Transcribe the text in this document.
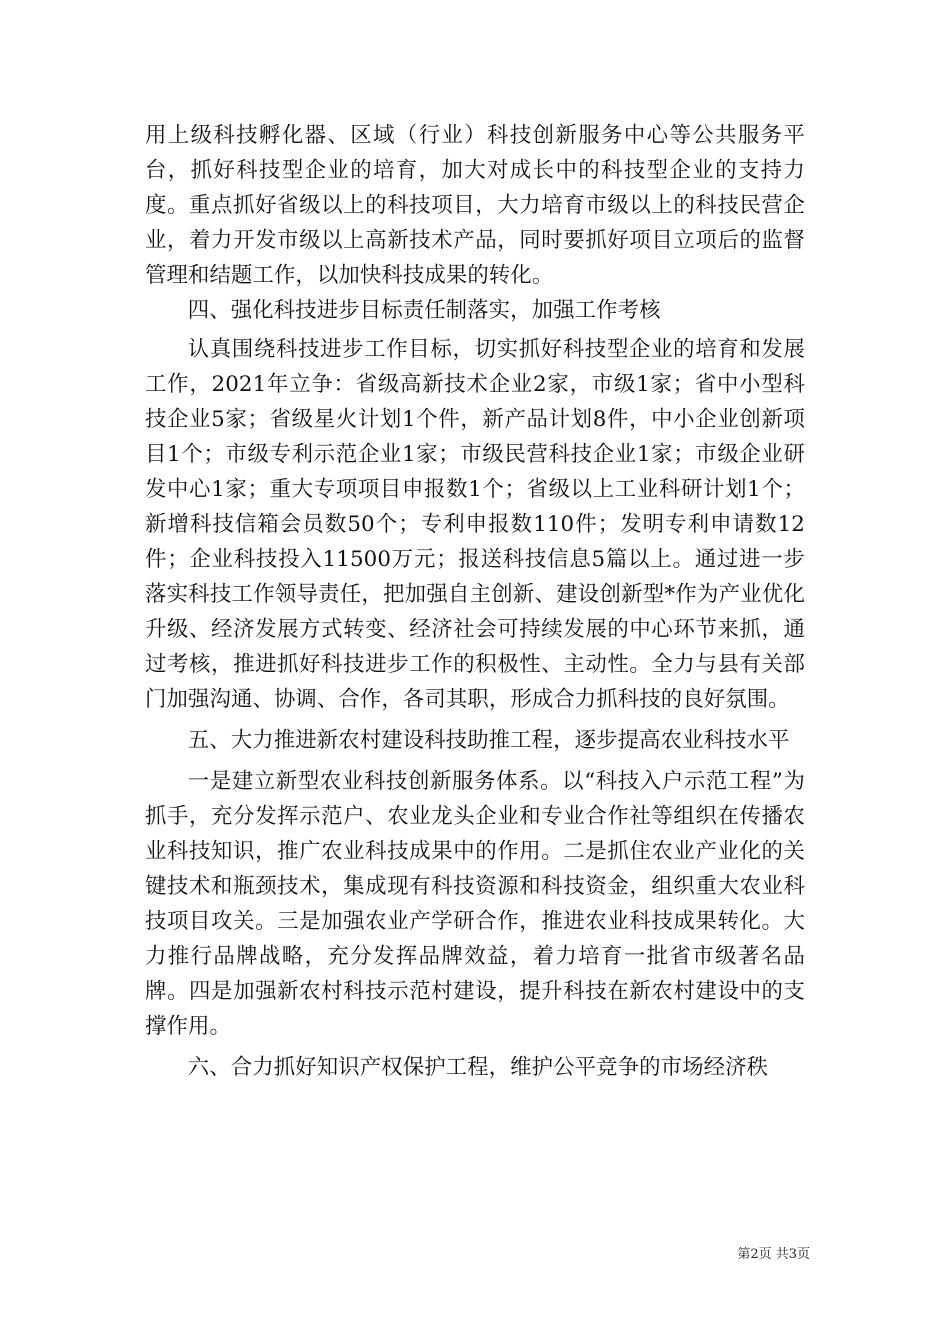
用上级科技孵化器、区域（行业）科技创新服务中心等公共服务平台，抓好科技型企业的培育，加大对成长中的科技型企业的支持力度。重点抓好省级以上的科技项目，大力培育市级以上的科技民营企业，着力开发市级以上高新技术产品，同时要抓好项目立项后的监督管理和结题工作，以加快科技成果的转化。

四、强化科技进步目标责任制落实，加强工作考核

认真围绕科技进步工作目标，切实抓好科技型企业的培育和发展工作，2021年立争：省级高新技术企业2家，市级1家；省中小型科技企业5家；省级星火计划1个件，新产品计划8件，中小企业创新项目1个；市级专利示范企业1家；市级民营科技企业1家；市级企业研发中心1家；重大专项项目申报数1个；省级以上工业科研计划1个；新增科技信箱会员数50个；专利申报数110件；发明专利申请数12件；企业科技投入11500万元；报送科技信息5篇以上。通过进一步落实科技工作领导责任，把加强自主创新、建设创新型*作为产业优化升级、经济发展方式转变、经济社会可持续发展的中心环节来抓，通过考核，推进抓好科技进步工作的积极性、主动性。全力与县有关部门加强沟通、协调、合作，各司其职，形成合力抓科技的良好氛围。

五、大力推进新农村建设科技助推工程，逐步提高农业科技水平

一是建立新型农业科技创新服务体系。以“科技入户示范工程”为抓手，充分发挥示范户、农业龙头企业和专业合作社等组织在传播农业科技知识，推广农业科技成果中的作用。二是抓住农业产业化的关键技术和瓶颈技术，集成现有科技资源和科技资金，组织重大农业科技项目攻关。三是加强农业产学研合作，推进农业科技成果转化。大力推行品牌战略，充分发挥品牌效益，着力培育一批省市级著名品牌。四是加强新农村科技示范村建设，提升科技在新农村建设中的支撑作用。

六、合力抓好知识产权保护工程，维护公平竞争的市场经济秩

第2页 共3页
